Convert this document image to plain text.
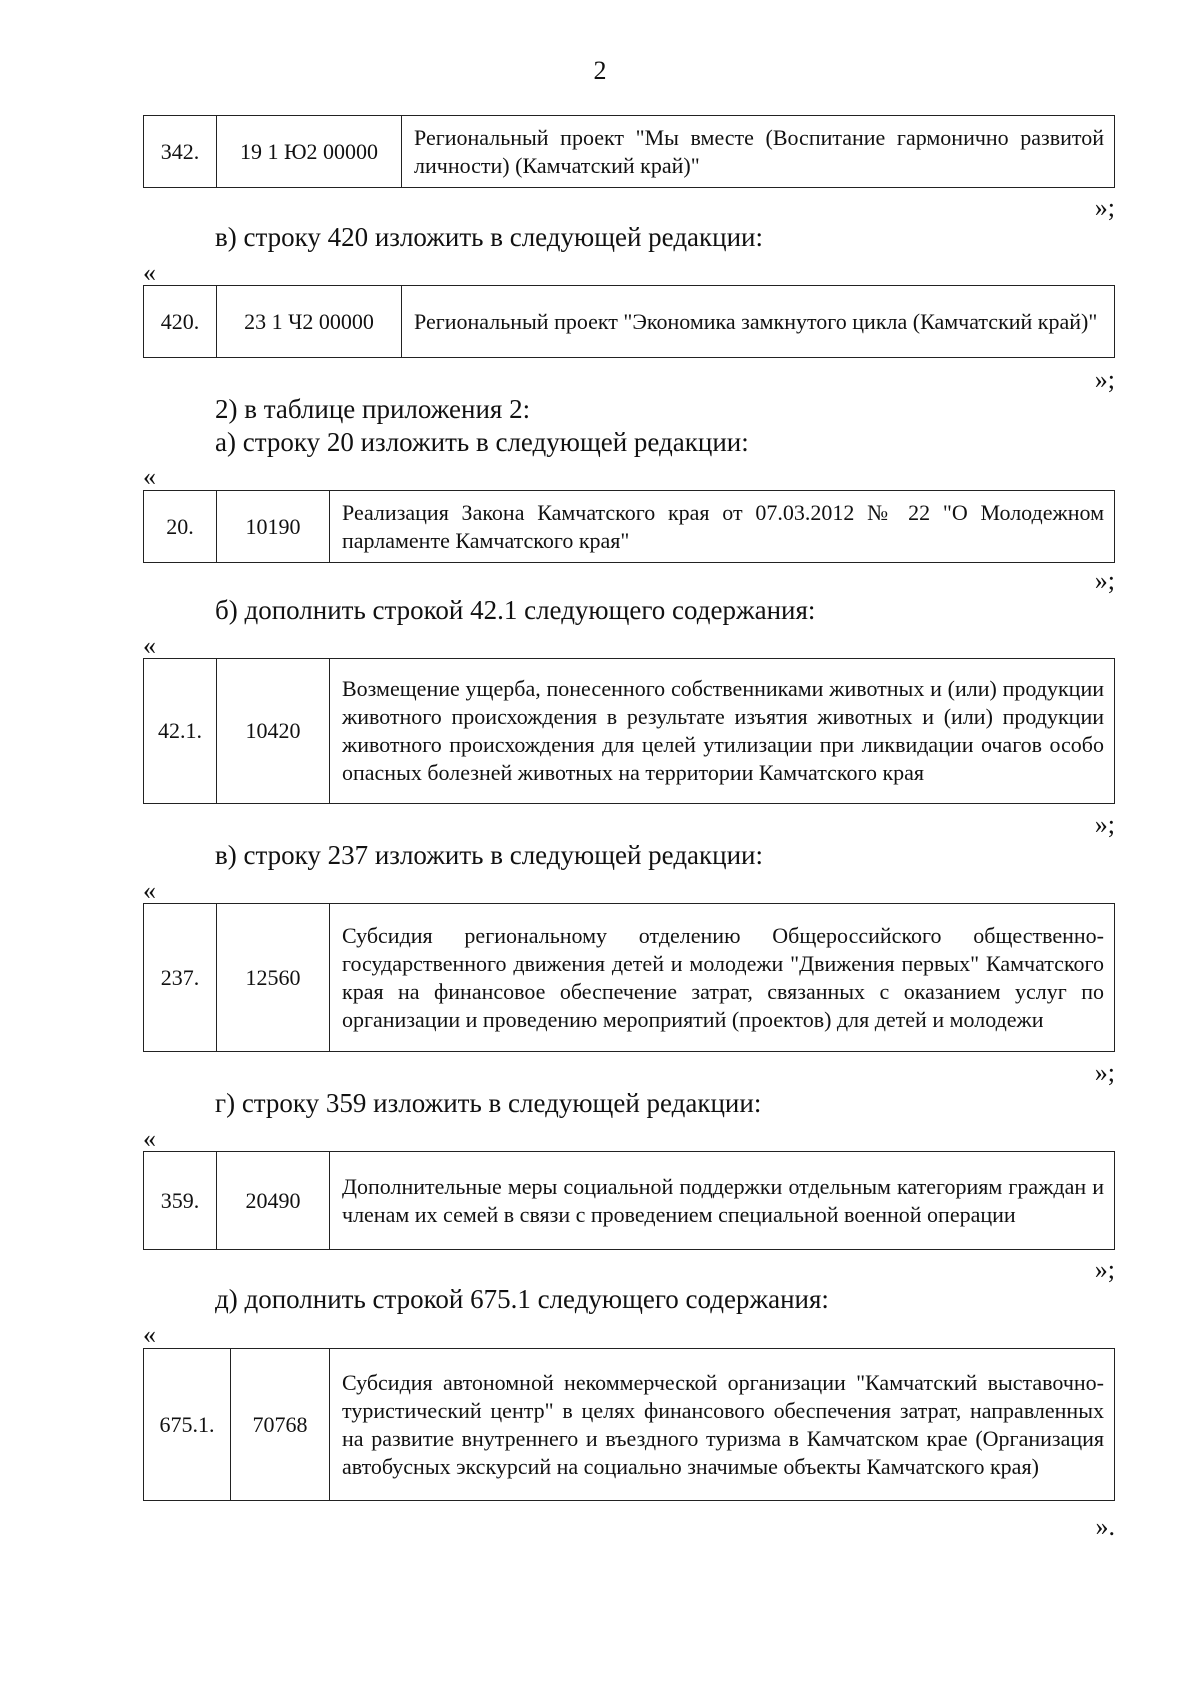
2
342.	19 1 Ю2 00000	Региональный проект "Мы вместе (Воспитание гармонично развитой личности) (Камчатский край)"
»;
в) строку 420 изложить в следующей редакции:
«
420.	23 1 Ч2 00000	Региональный проект "Экономика замкнутого цикла (Камчатский край)"
»;
2) в таблице приложения 2:
а) строку 20 изложить в следующей редакции:
«
20.	10190	Реализация Закона Камчатского края от 07.03.2012 № 22 "О Молодежном парламенте Камчатского края"
»;
б) дополнить строкой 42.1 следующего содержания:
«
42.1.	10420	Возмещение ущерба, понесенного собственниками животных и (или) продукции животного происхождения в результате изъятия животных и (или) продукции животного происхождения для целей утилизации при ликвидации очагов особо опасных болезней животных на территории Камчатского края
»;
в) строку 237 изложить в следующей редакции:
«
237.	12560	Субсидия региональному отделению Общероссийского общественно-государственного движения детей и молодежи "Движения первых" Камчатского края на финансовое обеспечение затрат, связанных с оказанием услуг по организации и проведению мероприятий (проектов) для детей и молодежи
»;
г) строку 359 изложить в следующей редакции:
«
359.	20490	Дополнительные меры социальной поддержки отдельным категориям граждан и членам их семей в связи с проведением специальной военной операции
»;
д) дополнить строкой 675.1 следующего содержания:
«
675.1.	70768	Субсидия автономной некоммерческой организации "Камчатский выставочно-туристический центр" в целях финансового обеспечения затрат, направленных на развитие внутреннего и въездного туризма в Камчатском крае (Организация автобусных экскурсий на социально значимые объекты Камчатского края)
».
